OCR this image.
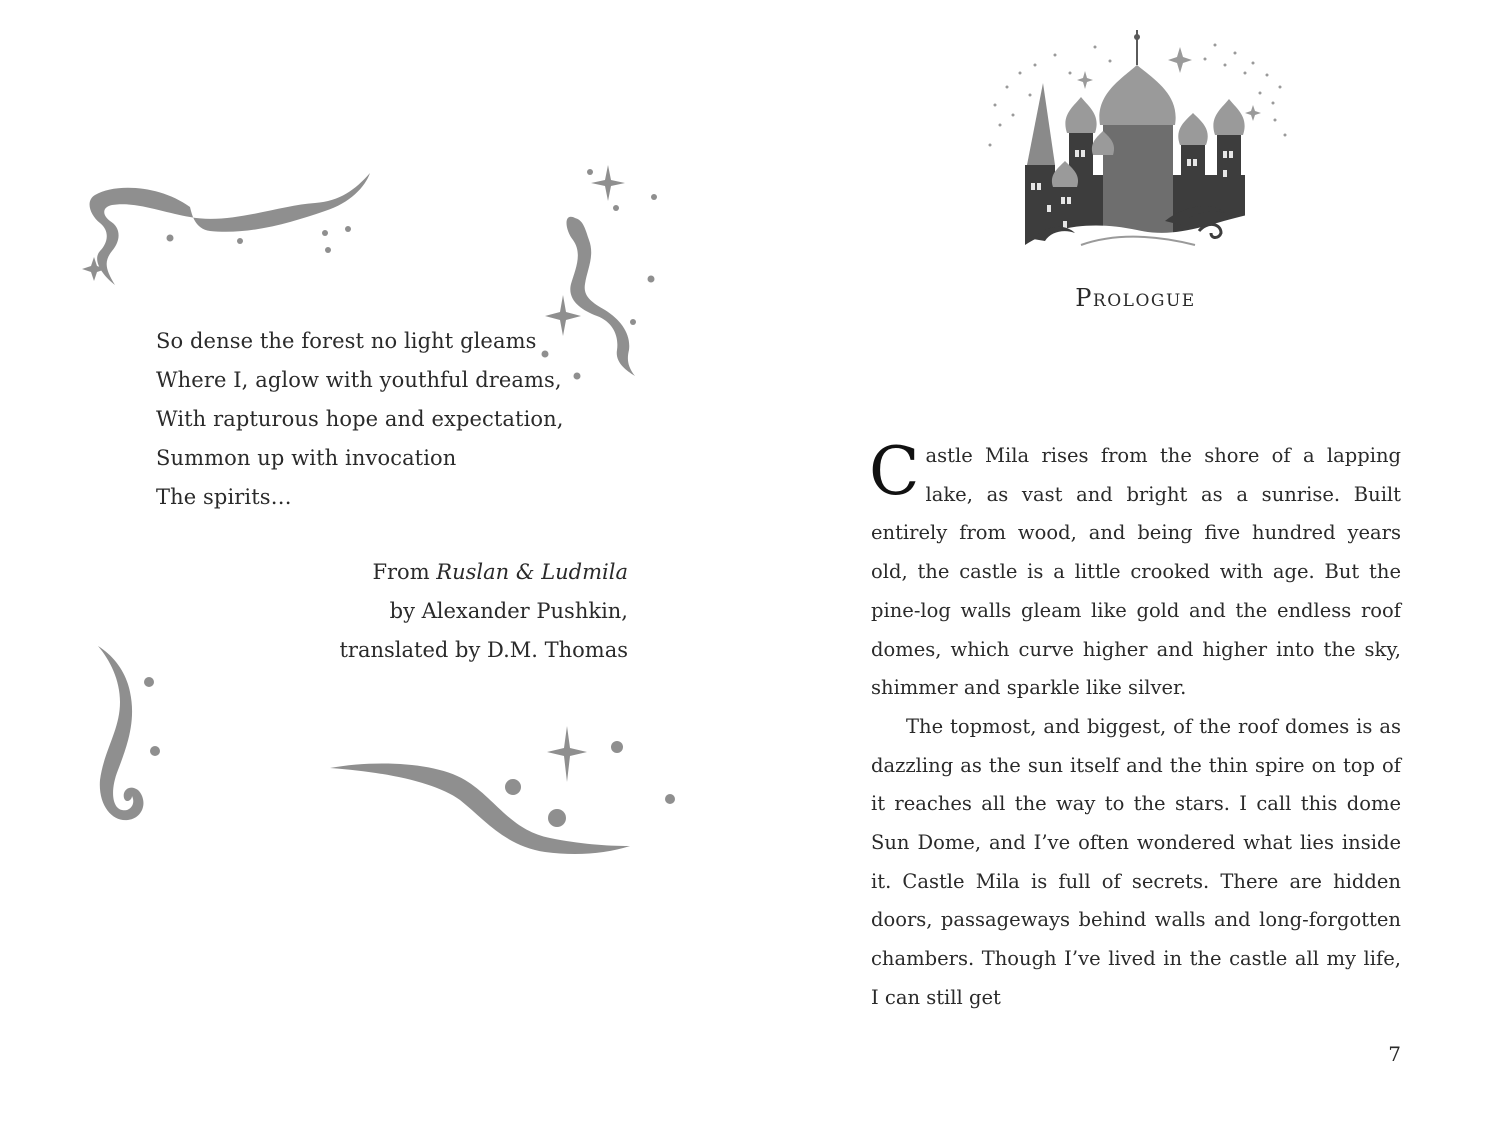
So dense the forest no light gleams
Where I, aglow with youthful dreams,
With rapturous hope and expectation,
Summon up with invocation
The spirits…
From Ruslan & Ludmila
by Alexander Pushkin,
translated by D.M. Thomas
Prologue

Castle Mila rises from the shore of a lapping lake, as vast and bright as a sunrise. Built entirely from wood, and being five hundred years old, the castle is a little crooked with age. But the pine-log walls gleam like gold and the endless roof domes, which curve higher and higher into the sky, shimmer and sparkle like silver.

The topmost, and biggest, of the roof domes is as dazzling as the sun itself and the thin spire on top of it reaches all the way to the stars. I call this dome Sun Dome, and I’ve often wondered what lies inside it. Castle Mila is full of secrets. There are hidden doors, passageways behind walls and long-forgotten chambers. Though I’ve lived in the castle all my life, I can still get

7
